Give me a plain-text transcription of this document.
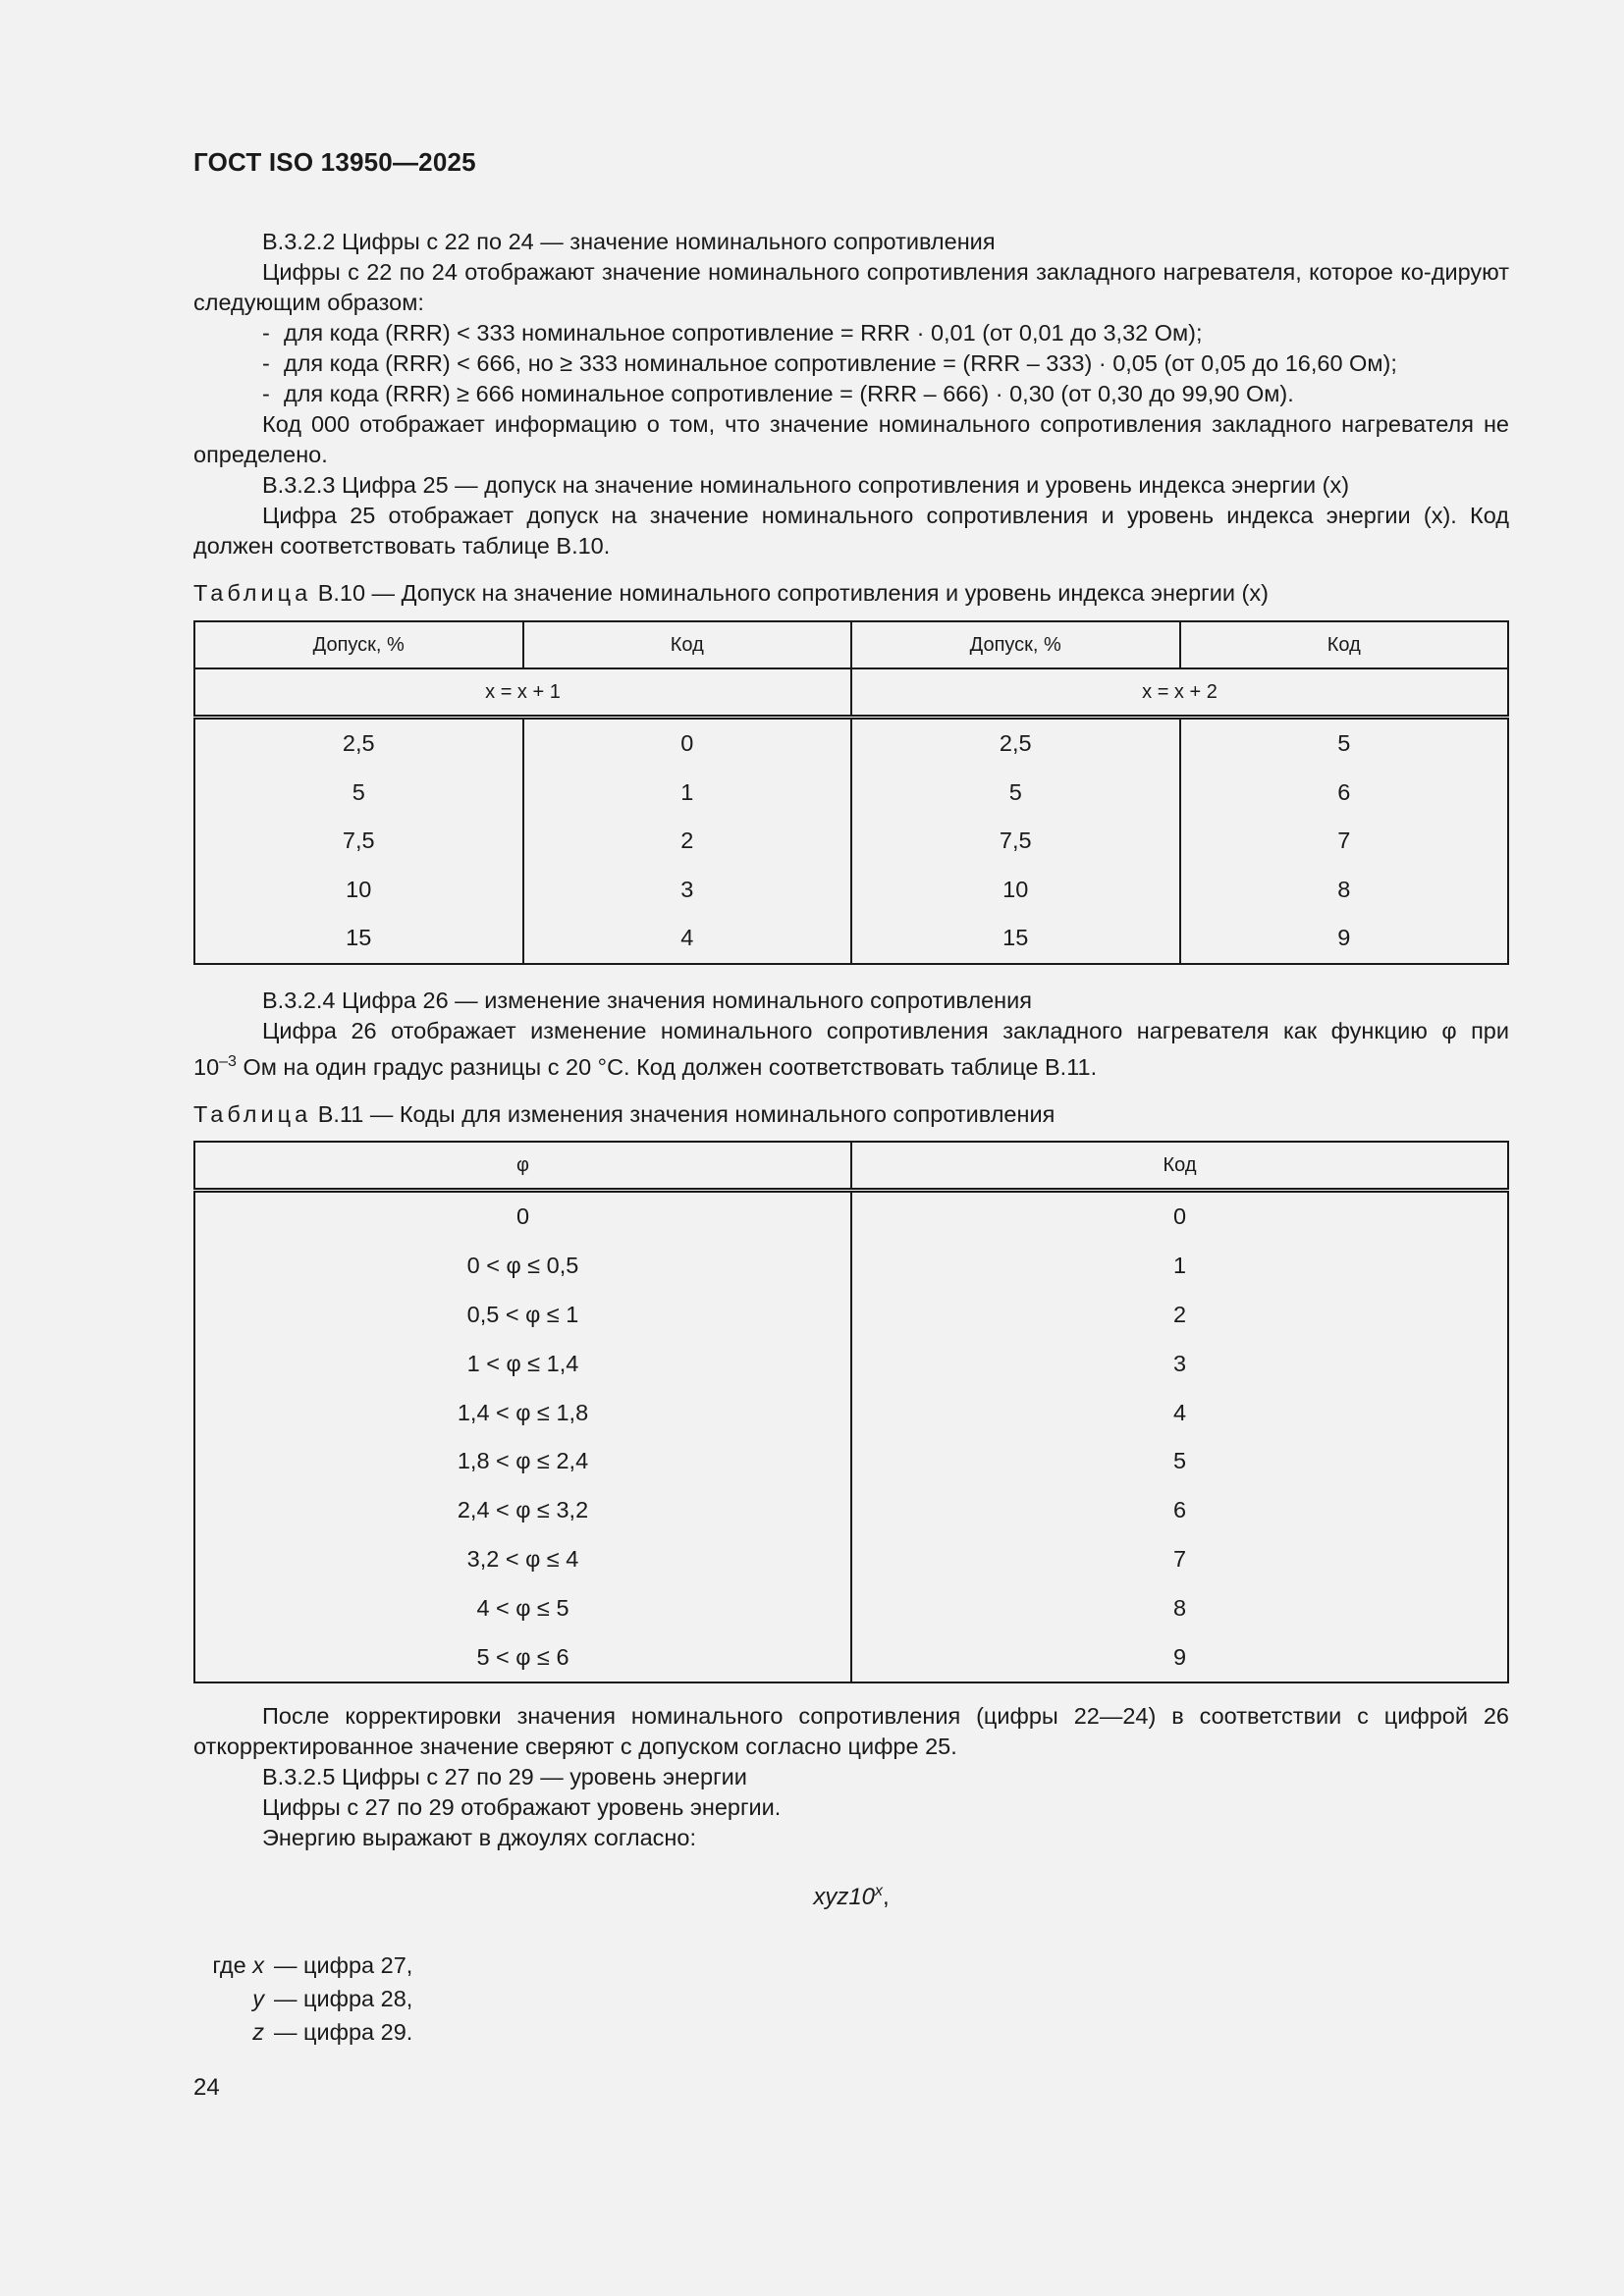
ГОСТ ISO 13950—2025

B.3.2.2 Цифры с 22 по 24 — значение номинального сопротивления

Цифры с 22 по 24 отображают значение номинального сопротивления закладного нагревателя, которое ко-дируют следующим образом:

- для кода (RRR) < 333 номинальное сопротивление = RRR · 0,01 (от 0,01 до 3,32 Ом);

- для кода (RRR) < 666, но ≥ 333 номинальное сопротивление = (RRR – 333) · 0,05 (от 0,05 до 16,60 Ом);

- для кода (RRR) ≥ 666 номинальное сопротивление = (RRR – 666) · 0,30 (от 0,30 до 99,90 Ом).

Код 000 отображает информацию о том, что значение номинального сопротивления закладного нагревателя не определено.

B.3.2.3 Цифра 25 — допуск на значение номинального сопротивления и уровень индекса энергии (x)

Цифра 25 отображает допуск на значение номинального сопротивления и уровень индекса энергии (x). Код должен соответствовать таблице B.10.

Таблица B.10 — Допуск на значение номинального сопротивления и уровень индекса энергии (x)
Допуск, %	Код	Допуск, %	Код
x = x + 1		x = x + 2	
2,5	0	2,5	5
5	1	5	6
7,5	2	7,5	7
10	3	10	8
15	4	15	9

B.3.2.4 Цифра 26 — изменение значения номинального сопротивления

Цифра 26 отображает изменение номинального сопротивления закладного нагревателя как функцию φ при

$10^{-3}$ Ом на один градус разницы с 20 °C. Код должен соответствовать таблице B.11.

Таблица B.11 — Коды для изменения значения номинального сопротивления
φ	Код
0	0
0 < φ ≤ 0,5	1
0,5 < φ ≤ 1	2
1 < φ ≤ 1,4	3
1,4 < φ ≤ 1,8	4
1,8 < φ ≤ 2,4	5
2,4 < φ ≤ 3,2	6
3,2 < φ ≤ 4	7
4 < φ ≤ 5	8
5 < φ ≤ 6	9

После корректировки значения номинального сопротивления (цифры 22—24) в соответствии с цифрой 26 откорректированное значение сверяют с допуском согласно цифре 25.

B.3.2.5 Цифры с 27 по 29 — уровень энергии

Цифры с 27 по 29 отображают уровень энергии.

Энергию выражают в джоулях согласно:

xyz10$^x$,
где x — цифра 27,
y — цифра 28,
z — цифра 29.
24
